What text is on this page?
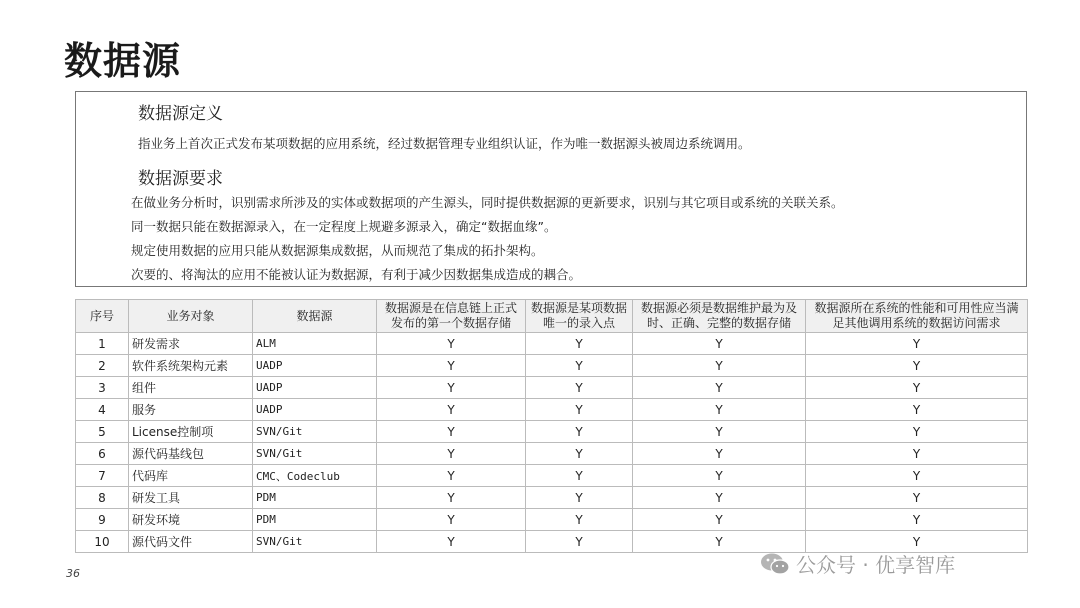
数据源
数据源定义
指业务上首次正式发布某项数据的应用系统，经过数据管理专业组织认证，作为唯一数据源头被周边系统调用。
数据源要求
在做业务分析时，识别需求所涉及的实体或数据项的产生源头，同时提供数据源的更新要求，识别与其它项目或系统的关联关系。
同一数据只能在数据源录入，在一定程度上规避多源录入，确定“数据血缘”。
规定使用数据的应用只能从数据源集成数据，从而规范了集成的拓扑架构。
次要的、将淘汰的应用不能被认证为数据源，有利于减少因数据集成造成的耦合。
序号	业务对象	数据源	数据源是在信息链上正式发布的第一个数据存储	数据源是某项数据唯一的录入点	数据源必须是数据维护最为及时、正确、完整的数据存储	数据源所在系统的性能和可用性应当满足其他调用系统的数据访问需求
1	研发需求	ALM	Y	Y	Y	Y
2	软件系统架构元素	UADP	Y	Y	Y	Y
3	组件	UADP	Y	Y	Y	Y
4	服务	UADP	Y	Y	Y	Y
5	License控制项	SVN/Git	Y	Y	Y	Y
6	源代码基线包	SVN/Git	Y	Y	Y	Y
7	代码库	CMC、Codeclub	Y	Y	Y	Y
8	研发工具	PDM	Y	Y	Y	Y
9	研发环境	PDM	Y	Y	Y	Y
10	源代码文件	SVN/Git	Y	Y	Y	Y
36	公众号 · 优享智库
